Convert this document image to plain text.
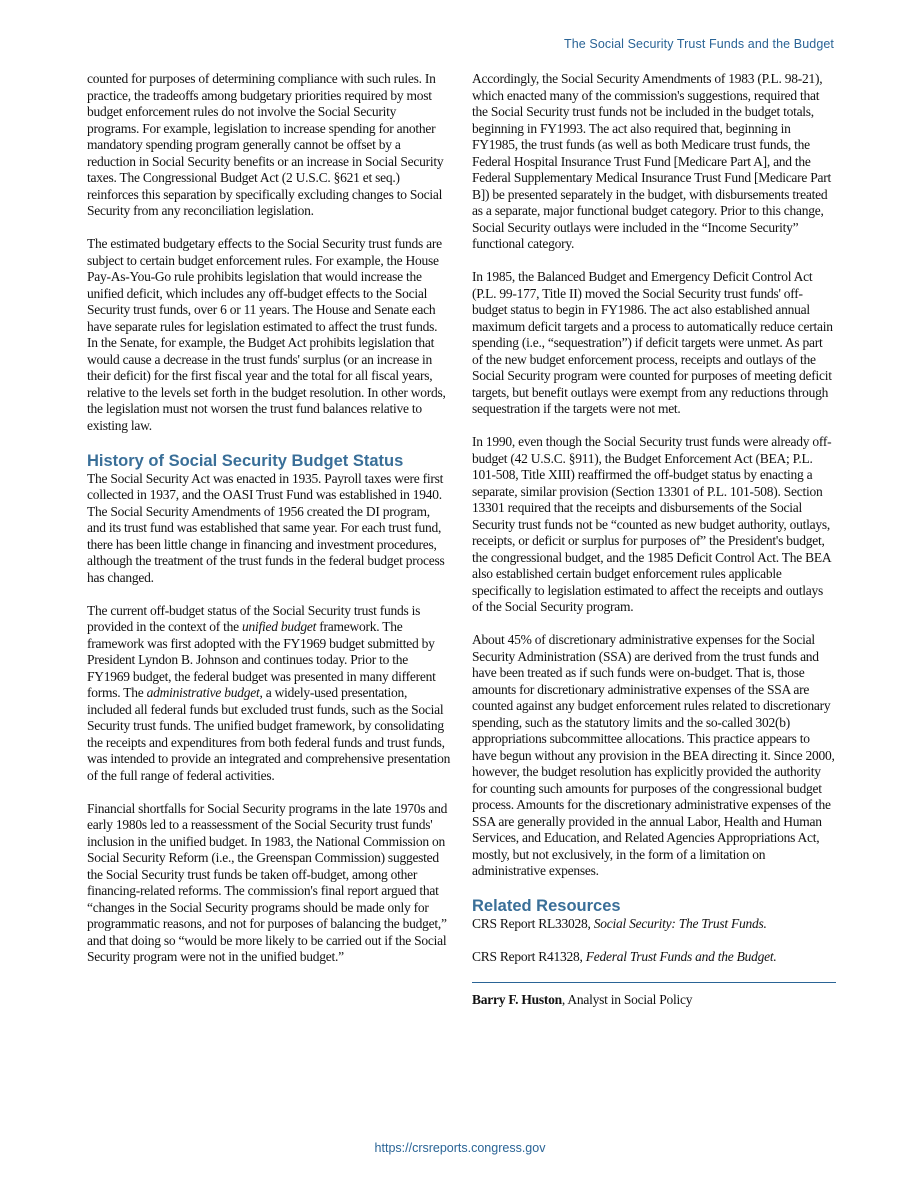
The Social Security Trust Funds and the Budget

counted for purposes of determining compliance with such rules. In practice, the tradeoffs among budgetary priorities required by most budget enforcement rules do not involve the Social Security programs. For example, legislation to increase spending for another mandatory spending program generally cannot be offset by a reduction in Social Security benefits or an increase in Social Security taxes. The Congressional Budget Act (2 U.S.C. §621 et seq.) reinforces this separation by specifically excluding changes to Social Security from any reconciliation legislation.

The estimated budgetary effects to the Social Security trust funds are subject to certain budget enforcement rules. For example, the House Pay-As-You-Go rule prohibits legislation that would increase the unified deficit, which includes any off-budget effects to the Social Security trust funds, over 6 or 11 years. The House and Senate each have separate rules for legislation estimated to affect the trust funds. In the Senate, for example, the Budget Act prohibits legislation that would cause a decrease in the trust funds' surplus (or an increase in their deficit) for the first fiscal year and the total for all fiscal years, relative to the levels set forth in the budget resolution. In other words, the legislation must not worsen the trust fund balances relative to existing law.

History of Social Security Budget Status

The Social Security Act was enacted in 1935. Payroll taxes were first collected in 1937, and the OASI Trust Fund was established in 1940. The Social Security Amendments of 1956 created the DI program, and its trust fund was established that same year. For each trust fund, there has been little change in financing and investment procedures, although the treatment of the trust funds in the federal budget process has changed.

The current off-budget status of the Social Security trust funds is provided in the context of the unified budget framework. The framework was first adopted with the FY1969 budget submitted by President Lyndon B. Johnson and continues today. Prior to the FY1969 budget, the federal budget was presented in many different forms. The administrative budget, a widely-used presentation, included all federal funds but excluded trust funds, such as the Social Security trust funds. The unified budget framework, by consolidating the receipts and expenditures from both federal funds and trust funds, was intended to provide an integrated and comprehensive presentation of the full range of federal activities.

Financial shortfalls for Social Security programs in the late 1970s and early 1980s led to a reassessment of the Social Security trust funds' inclusion in the unified budget. In 1983, the National Commission on Social Security Reform (i.e., the Greenspan Commission) suggested the Social Security trust funds be taken off-budget, among other financing-related reforms. The commission's final report argued that “changes in the Social Security programs should be made only for programmatic reasons, and not for purposes of balancing the budget,” and that doing so “would be more likely to be carried out if the Social Security program were not in the unified budget.”

Accordingly, the Social Security Amendments of 1983 (P.L. 98-21), which enacted many of the commission's suggestions, required that the Social Security trust funds not be included in the budget totals, beginning in FY1993. The act also required that, beginning in FY1985, the trust funds (as well as both Medicare trust funds, the Federal Hospital Insurance Trust Fund [Medicare Part A], and the Federal Supplementary Medical Insurance Trust Fund [Medicare Part B]) be presented separately in the budget, with disbursements treated as a separate, major functional budget category. Prior to this change, Social Security outlays were included in the “Income Security” functional category.

In 1985, the Balanced Budget and Emergency Deficit Control Act (P.L. 99-177, Title II) moved the Social Security trust funds' off-budget status to begin in FY1986. The act also established annual maximum deficit targets and a process to automatically reduce certain spending (i.e., “sequestration”) if deficit targets were unmet. As part of the new budget enforcement process, receipts and outlays of the Social Security program were counted for purposes of meeting deficit targets, but benefit outlays were exempt from any reductions through sequestration if the targets were not met.

In 1990, even though the Social Security trust funds were already off-budget (42 U.S.C. §911), the Budget Enforcement Act (BEA; P.L. 101-508, Title XIII) reaffirmed the off-budget status by enacting a separate, similar provision (Section 13301 of P.L. 101-508). Section 13301 required that the receipts and disbursements of the Social Security trust funds not be “counted as new budget authority, outlays, receipts, or deficit or surplus for purposes of” the President's budget, the congressional budget, and the 1985 Deficit Control Act. The BEA also established certain budget enforcement rules applicable specifically to legislation estimated to affect the receipts and outlays of the Social Security program.

About 45% of discretionary administrative expenses for the Social Security Administration (SSA) are derived from the trust funds and have been treated as if such funds were on-budget. That is, those amounts for discretionary administrative expenses of the SSA are counted against any budget enforcement rules related to discretionary spending, such as the statutory limits and the so-called 302(b) appropriations subcommittee allocations. This practice appears to have begun without any provision in the BEA directing it. Since 2000, however, the budget resolution has explicitly provided the authority for counting such amounts for purposes of the congressional budget process. Amounts for the discretionary administrative expenses of the SSA are generally provided in the annual Labor, Health and Human Services, and Education, and Related Agencies Appropriations Act, mostly, but not exclusively, in the form of a limitation on administrative expenses.

Related Resources

CRS Report RL33028, Social Security: The Trust Funds.

CRS Report R41328, Federal Trust Funds and the Budget.

Barry F. Huston, Analyst in Social Policy

https://crsreports.congress.gov
